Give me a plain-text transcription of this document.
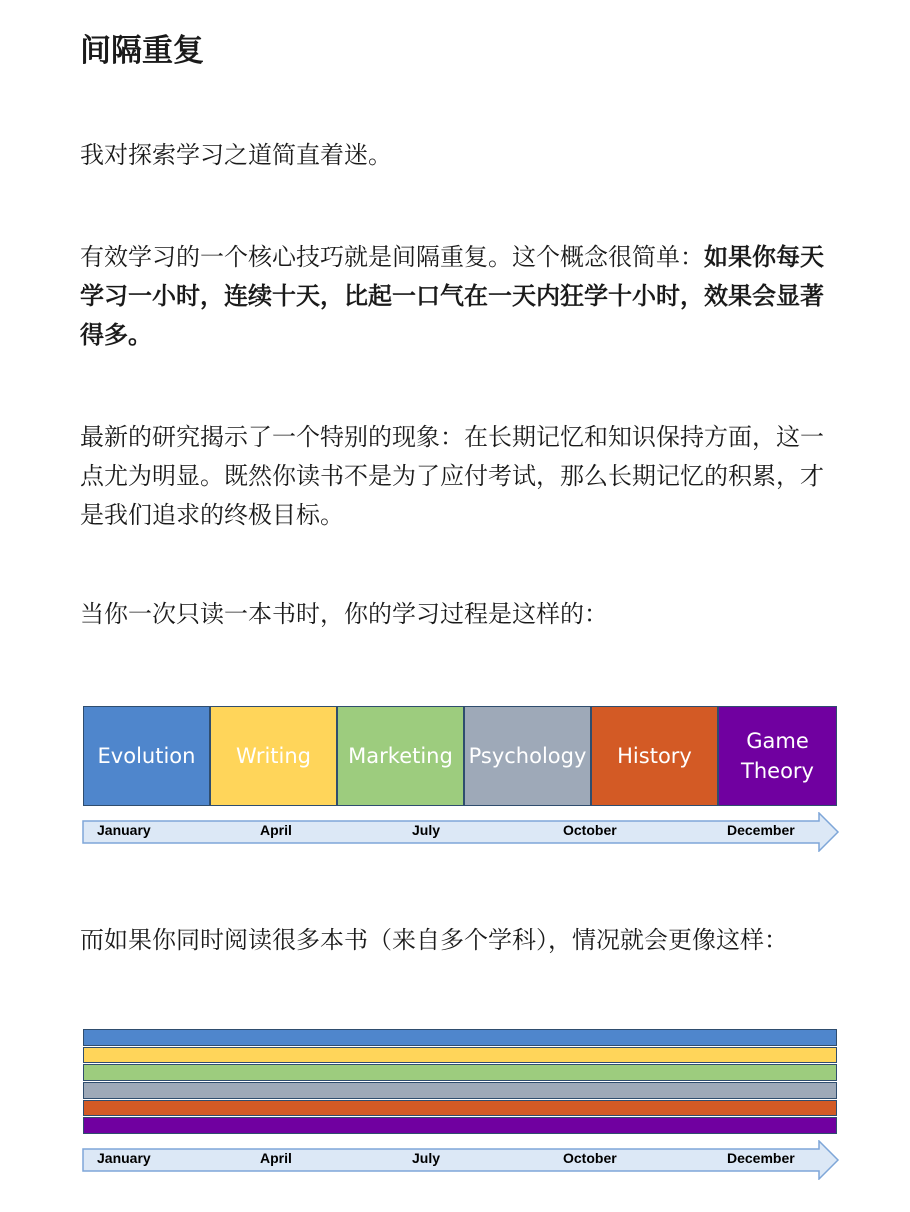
间隔重复

我对探索学习之道简直着迷。

有效学习的一个核心技巧就是间隔重复。这个概念很简单：如果你每天学习一小时，连续十天，比起一口气在一天内狂学十小时，效果会显著得多。

最新的研究揭示了一个特别的现象：在长期记忆和知识保持方面，这一点尤为明显。既然你读书不是为了应付考试，那么长期记忆的积累，才是我们追求的终极目标。

当你一次只读一本书时，你的学习过程是这样的：

Evolution	Writing	Marketing Psychology	History
Game
Theory
January	April	July	October	December

而如果你同时阅读很多本书（来自多个学科），情况就会更像这样：

January	April	July	October	December
